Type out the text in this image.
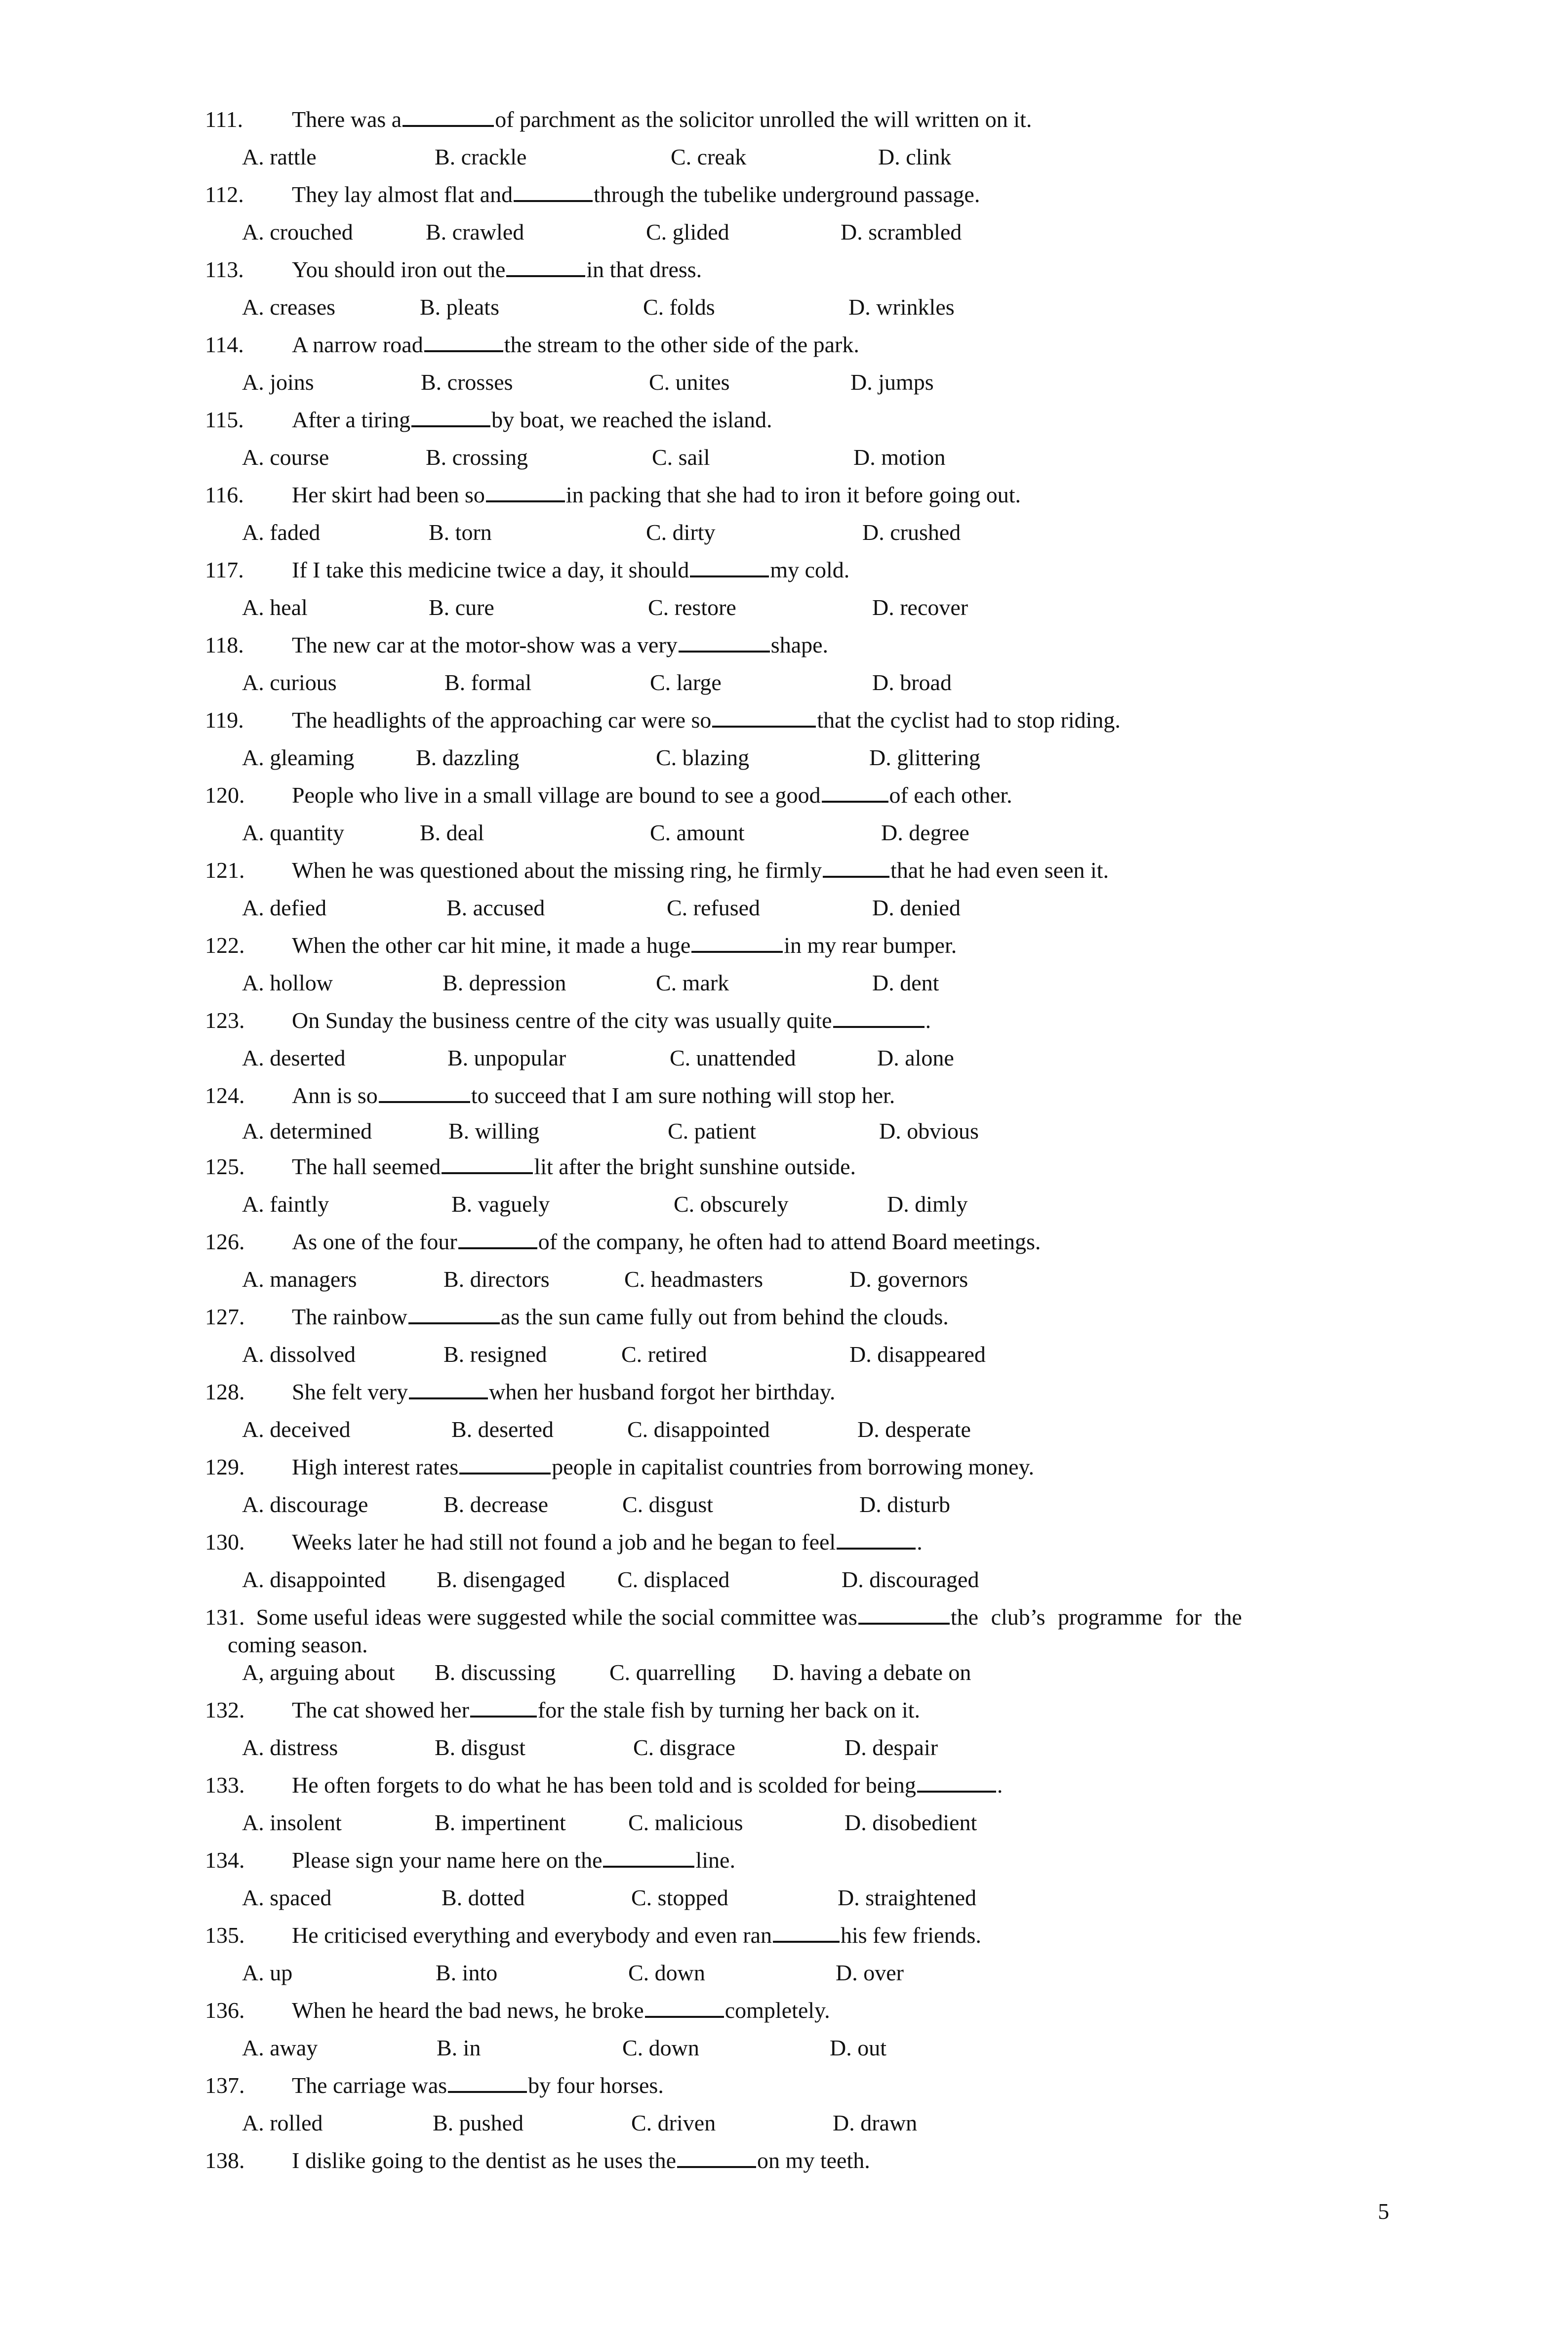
111. There was a	of parchment as the solicitor unrolled the will written on it.
A. rattle	B. crackle	C. creak	D. clink
112. They lay almost flat and	through the tubelike underground passage.
A. crouched	B. crawled	C. glided	D. scrambled
113. You should iron out the	in that dress.
A. creases	B. pleats	C. folds	D. wrinkles
114. A narrow road	the stream to the other side of the park.
A. joins	B. crosses	C. unites	D. jumps
115. After a tiring	by boat, we reached the island.
A. course	B. crossing	C. sail	D. motion
116. Her skirt had been so	in packing that she had to iron it before going out.
A. faded	B. torn	C. dirty	D. crushed
117. If I take this medicine twice a day, it should	my cold.
A. heal	B. cure	C. restore	D. recover
118. The new car at the motor-show was a very	shape.
A. curious	B. formal	C. large	D. broad
119. The headlights of the approaching car were so	that the cyclist had to stop riding.
A. gleaming	B. dazzling	C. blazing	D. glittering
120. People who live in a small village are bound to see a good	of each other.
A. quantity	B. deal	C. amount	D. degree
121. When he was questioned about the missing ring, he firmly	that he had even seen it.
A. defied	B. accused	C. refused	D. denied
122. When the other car hit mine, it made a huge	in my rear bumper.
A. hollow	B. depression	C. mark	D. dent
123. On Sunday the business centre of the city was usually quite	.
A. deserted	B. unpopular	C. unattended	D. alone
124. Ann is so	to succeed that I am sure nothing will stop her.
A. determined	B. willing	C. patient	D. obvious
125. The hall seemed	lit after the bright sunshine outside.
A. faintly	B. vaguely	C. obscurely	D. dimly
126. As one of the four	of the company, he often had to attend Board meetings.
A. managers	B. directors	C. headmasters	D. governors
127. The rainbow	as the sun came fully out from behind the clouds.
A. dissolved	B. resigned	C. retired	D. disappeared
128. She felt very	when her husband forgot her birthday.
A. deceived	B. deserted	C. disappointed	D. desperate
129. High interest rates	people in capitalist countries from borrowing money.
A. discourage	B. decrease	C. disgust	D. disturb
130. Weeks later he had still not found a job and he began to feel	.
A. disappointed B. disengaged C. displaced	D. discouraged
131. Some useful ideas were suggested while the social committee was	the club’s programme for the
coming season.
A, arguing about B. discussing C. quarrelling D. having a debate on
132. The cat showed her	for the stale fish by turning her back on it.
A. distress	B. disgust	C. disgrace	D. despair
133. He often forgets to do what he has been told and is scolded for being	.
A. insolent	B. impertinent	C. malicious	D. disobedient
134. Please sign your name here on the	line.
A. spaced	B. dotted	C. stopped	D. straightened
135. He criticised everything and everybody and even ran	his few friends.
A. up	B. into	C. down	D. over
136. When he heard the bad news, he broke	completely.
A. away	B. in	C. down	D. out
137. The carriage was	by four horses.
A. rolled	B. pushed	C. driven	D. drawn
138. I dislike going to the dentist as he uses the	on my teeth.
5
